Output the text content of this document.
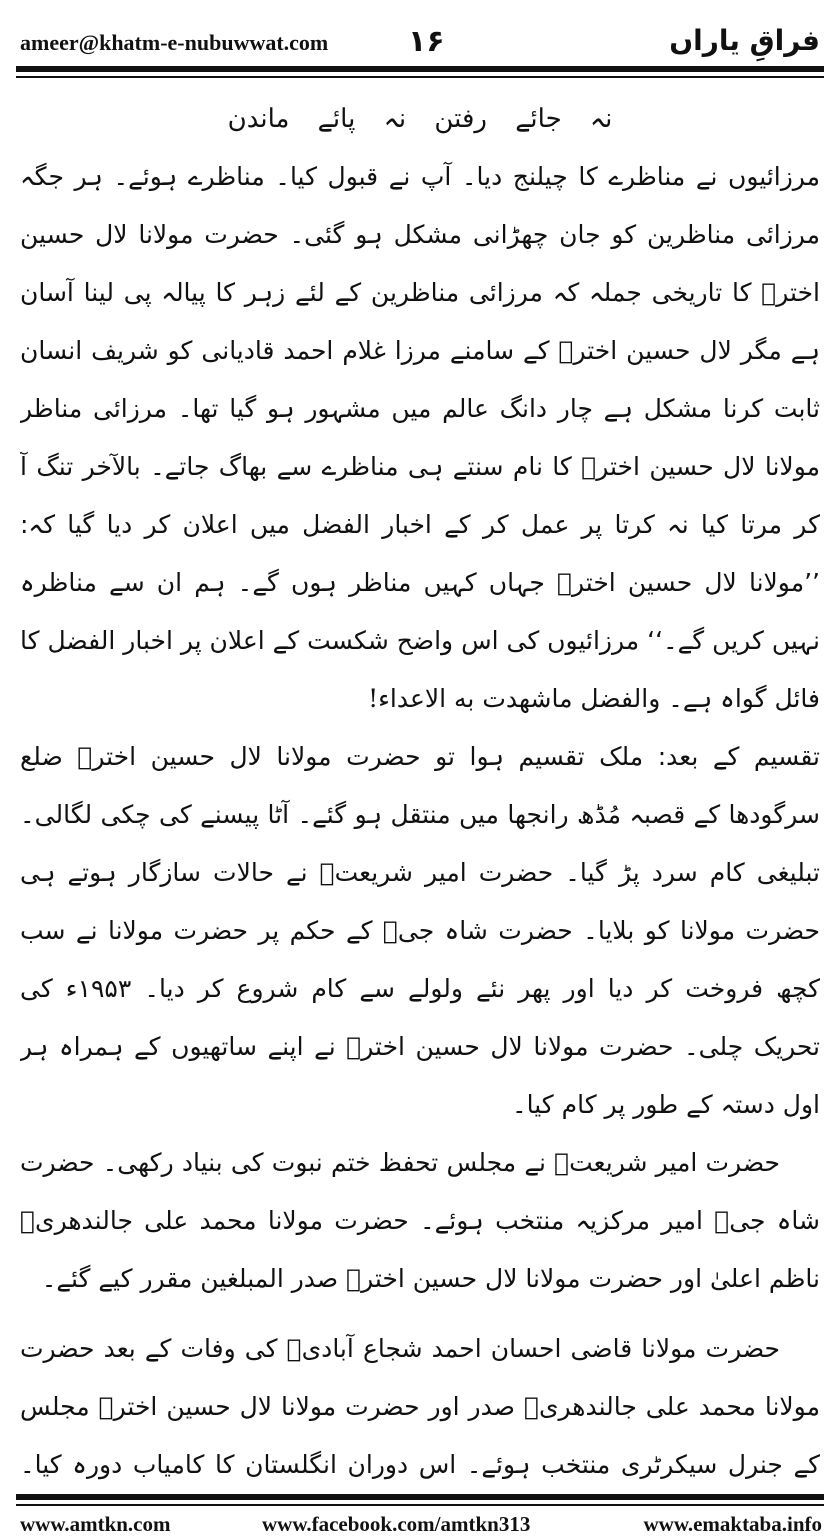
ameer@khatm-e-nubuwwat.com	۱۶	فراقِ یاراں

نہ جائے رفتن نہ پائے ماندن

مرزائیوں نے مناظرے کا چیلنج دیا۔ آپ نے قبول کیا۔ مناظرے ہوئے۔ ہر جگہ مرزائی مناظرین کو جان چھڑانی مشکل ہو گئی۔ حضرت مولانا لال حسین اخترؒ کا تاریخی جملہ کہ مرزائی مناظرین کے لئے زہر کا پیالہ پی لینا آسان ہے مگر لال حسین اخترؒ کے سامنے مرزا غلام احمد قادیانی کو شریف انسان ثابت کرنا مشکل ہے چار دانگ عالم میں مشہور ہو گیا تھا۔ مرزائی مناظر مولانا لال حسین اخترؒ کا نام سنتے ہی مناظرے سے بھاگ جاتے۔ بالآخر تنگ آ کر مرتا کیا نہ کرتا پر عمل کر کے اخبار الفضل میں اعلان کر دیا گیا کہ: ’’مولانا لال حسین اخترؒ جہاں کہیں مناظر ہوں گے۔ ہم ان سے مناظرہ نہیں کریں گے۔‘‘ مرزائیوں کی اس واضح شکست کے اعلان پر اخبار الفضل کا فائل گواہ ہے۔ والفضل ماشهدت به الاعداء!

تقسیم کے بعد: ملک تقسیم ہوا تو حضرت مولانا لال حسین اخترؒ ضلع سرگودھا کے قصبہ مُڈھ رانجھا میں منتقل ہو گئے۔ آٹا پیسنے کی چکی لگالی۔ تبلیغی کام سرد پڑ گیا۔ حضرت امیر شریعتؒ نے حالات سازگار ہوتے ہی حضرت مولانا کو بلایا۔ حضرت شاہ جیؒ کے حکم پر حضرت مولانا نے سب کچھ فروخت کر دیا اور پھر نئے ولولے سے کام شروع کر دیا۔ ۱۹۵۳ء کی تحریک چلی۔ حضرت مولانا لال حسین اخترؒ نے اپنے ساتھیوں کے ہمراہ ہر اول دستہ کے طور پر کام کیا۔

حضرت امیر شریعتؒ نے مجلس تحفظ ختم نبوت کی بنیاد رکھی۔ حضرت شاہ جیؒ امیر مرکزیہ منتخب ہوئے۔ حضرت مولانا محمد علی جالندھریؒ ناظم اعلیٰ اور حضرت مولانا لال حسین اخترؒ صدر المبلغین مقرر کیے گئے۔

حضرت مولانا قاضی احسان احمد شجاع آبادیؒ کی وفات کے بعد حضرت مولانا محمد علی جالندھریؒ صدر اور حضرت مولانا لال حسین اخترؒ مجلس کے جنرل سیکرٹری منتخب ہوئے۔ اس دوران انگلستان کا کامیاب دورہ کیا۔

www.amtkn.com	www.facebook.com/amtkn313	www.emaktaba.info
